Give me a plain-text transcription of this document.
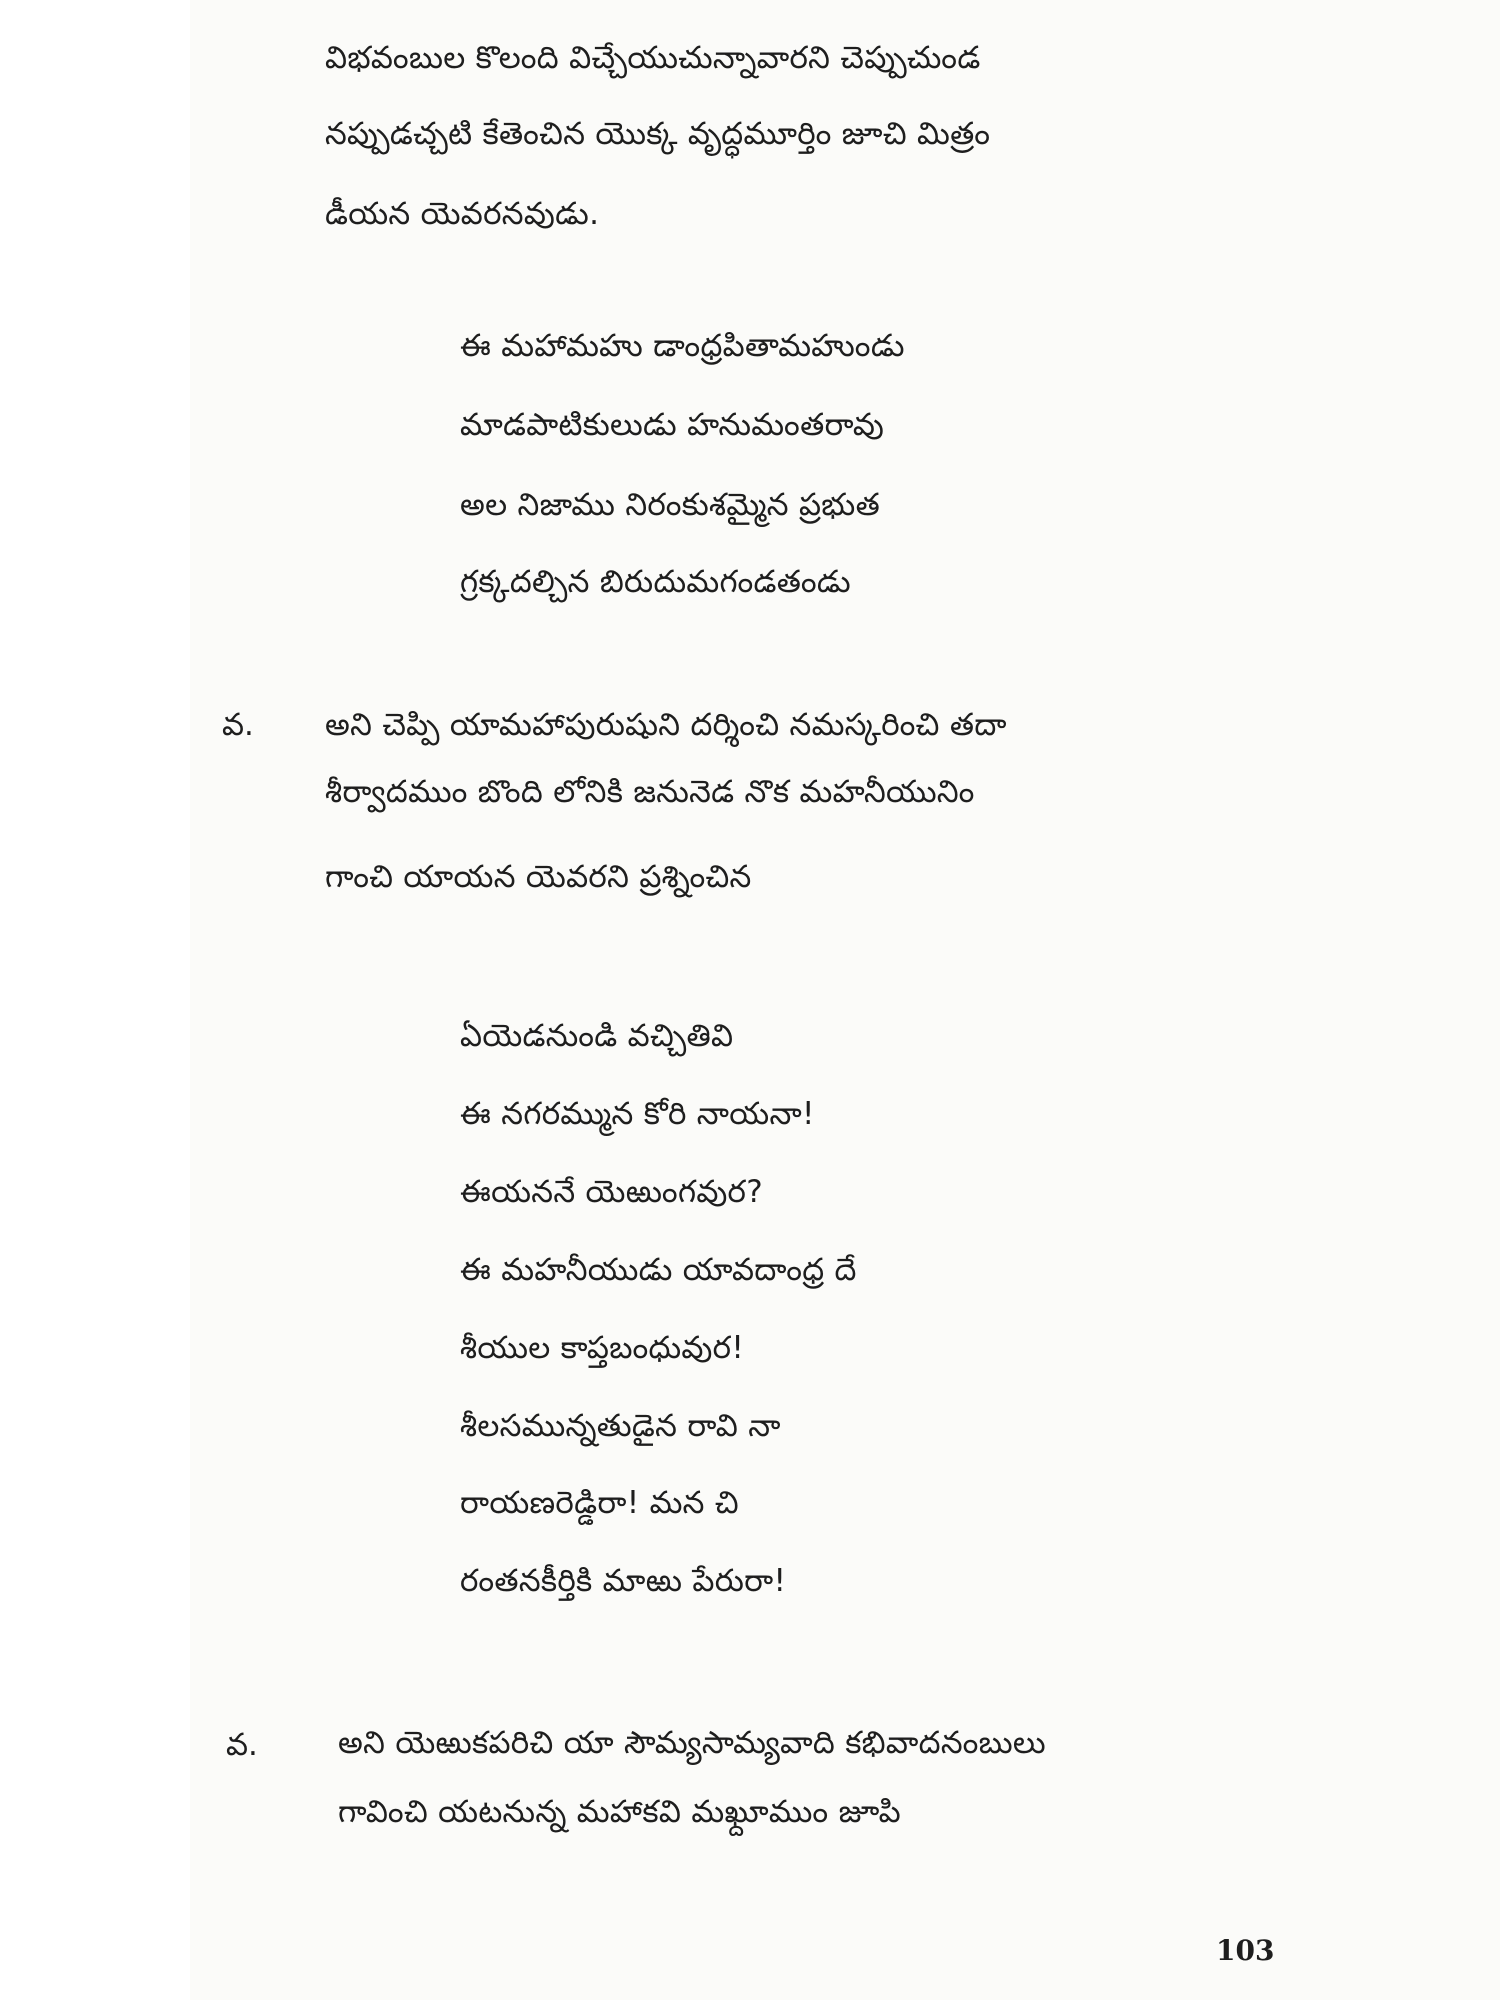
విభవంబుల కొలంది విచ్చేయుచున్నావారని చెప్పుచుండ
నప్పుడచ్చటి కేతెంచిన యొక్క వృద్ధమూర్తిం జూచి మిత్రం
డీయన యెవరనవుడు.
ఈ మహామహు డాంధ్రపితామహుండు
మాడపాటికులుడు హనుమంతరావు
అల నిజాము నిరంకుశమ్మైన ప్రభుత
గ్రక్కదల్చిన బిరుదుమగండతండు
వ. అని చెప్పి యామహాపురుషుని దర్శించి నమస్కరించి తదా
శీర్వాదముం బొంది లోనికి జనునెడ నొక మహనీయునిం
గాంచి యాయన యెవరని ప్రశ్నించిన
ఏయెడనుండి వచ్చితివి
ఈ నగరమ్మున కోరి నాయనా!
ఈయననే యెఱుంగవుర?
ఈ మహనీయుడు యావదాంధ్ర దే
శీయుల కాప్తబంధువుర!
శీలసమున్నతుడైన రావి నా
రాయణరెడ్డిరా! మన చి
రంతనకీర్తికి మాఱు పేరురా!
వ.	అని యెఱుకపరిచి యా సౌమ్యసామ్యవాది కభివాదనంబులు
గావించి యటనున్న మహాకవి మఖ్దూముం జూపి
103
